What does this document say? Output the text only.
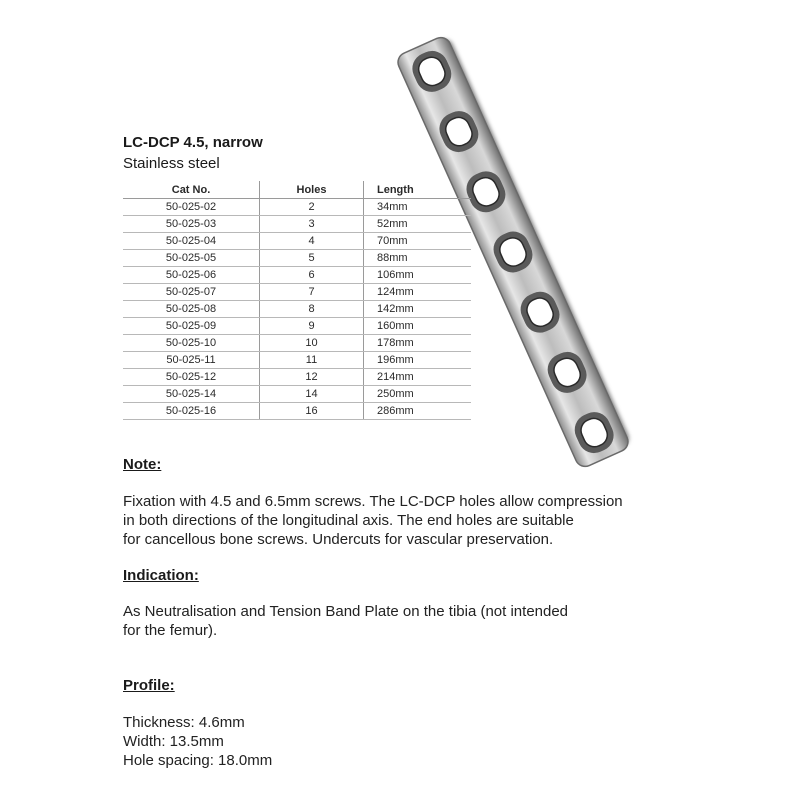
LC-DCP 4.5, narrow
Stainless steel
Cat No.	Holes	Length
50-025-02	2	34mm
50-025-03	3	52mm
50-025-04	4	70mm
50-025-05	5	88mm
50-025-06	6	106mm
50-025-07	7	124mm
50-025-08	8	142mm
50-025-09	9	160mm
50-025-10	10	178mm
50-025-11	11	196mm
50-025-12	12	214mm
50-025-14	14	250mm
50-025-16	16	286mm
Note:

Fixation with 4.5 and 6.5mm screws. The LC-DCP holes allow compression
in both directions of the longitudinal axis. The end holes are suitable
for cancellous bone screws. Undercuts for vascular preservation.

Indication:

As Neutralisation and Tension Band Plate on the tibia (not intended
for the femur).

Profile:

Thickness: 4.6mm
Width: 13.5mm
Hole spacing: 18.0mm
